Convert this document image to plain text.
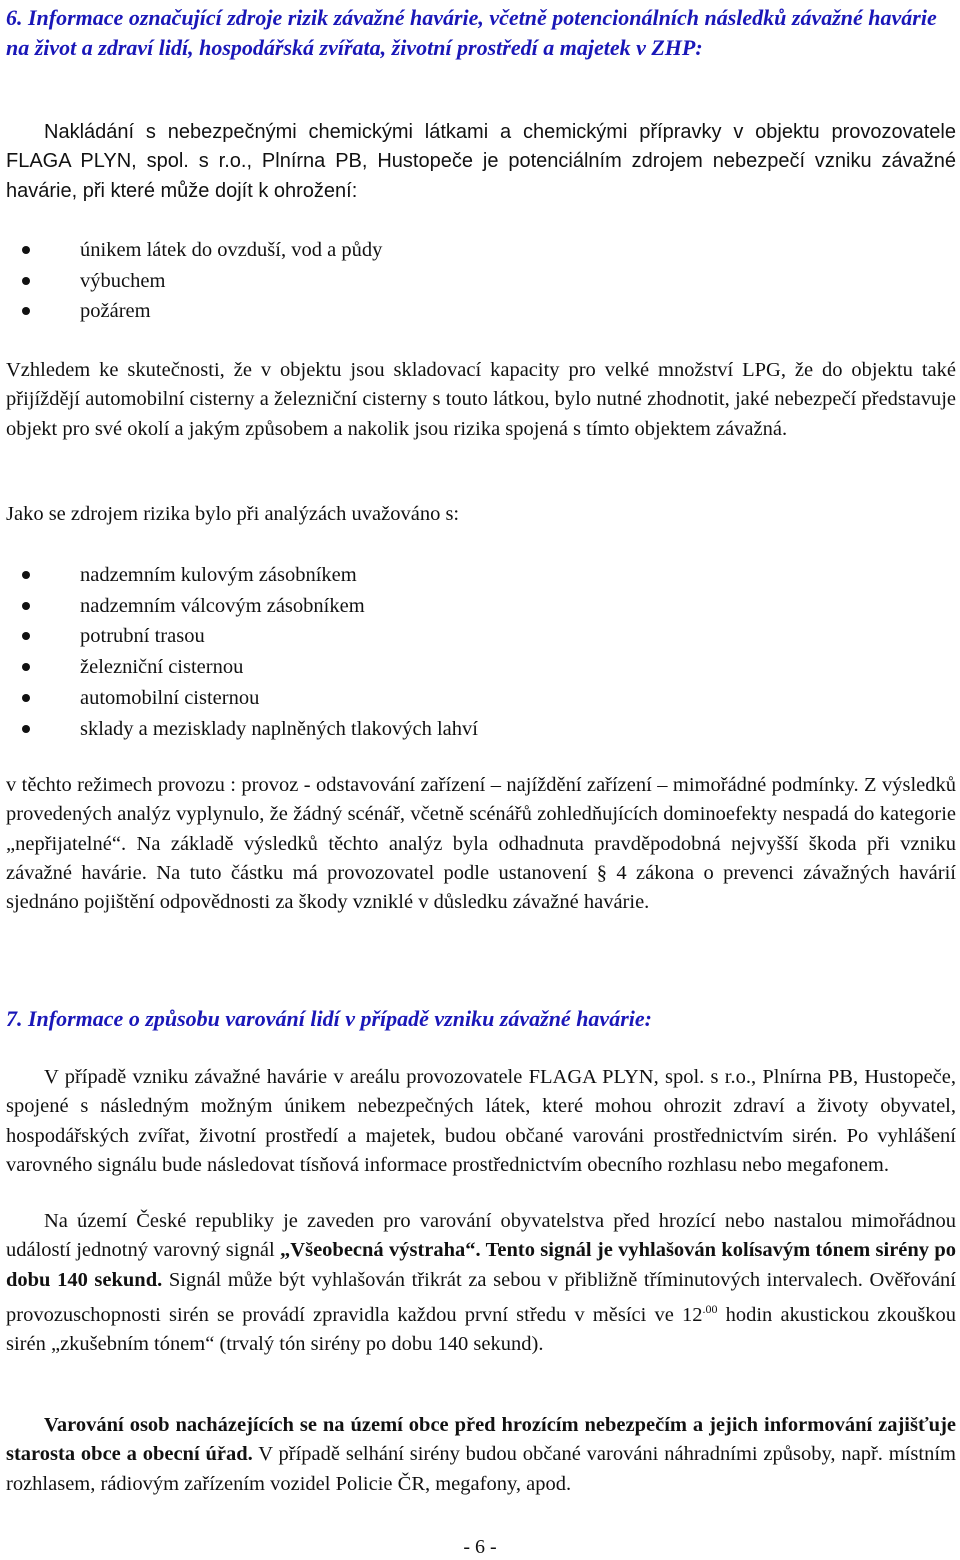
6. Informace označující zdroje rizik závažné havárie, včetně potencionálních následků závažné havárie na život a zdraví lidí, hospodářská zvířata, životní prostředí a majetek v ZHP:

Nakládání s nebezpečnými chemickými látkami a chemickými přípravky v objektu provozovatele FLAGA PLYN, spol. s r.o., Plnírna PB, Hustopeče je potenciálním zdrojem nebezpečí vzniku závažné havárie, při které může dojít k ohrožení:

únikem látek do ovzduší, vod a půdy
výbuchem
požárem

Vzhledem ke skutečnosti, že v objektu jsou skladovací kapacity pro velké množství LPG, že do objektu také přijíždějí automobilní cisterny a železniční cisterny s touto látkou, bylo nutné zhodnotit, jaké nebezpečí představuje objekt pro své okolí a jakým způsobem a nakolik jsou rizika spojená s tímto objektem závažná.

Jako se zdrojem rizika bylo při analýzách uvažováno s:

nadzemním kulovým zásobníkem
nadzemním válcovým zásobníkem
potrubní trasou
železniční cisternou
automobilní cisternou
sklady a mezisklady naplněných tlakových lahví

v těchto režimech provozu : provoz - odstavování zařízení – najíždění zařízení – mimořádné podmínky. Z výsledků provedených analýz vyplynulo, že žádný scénář, včetně scénářů zohledňujících dominoefekty nespadá do kategorie „nepřijatelné“. Na základě výsledků těchto analýz byla odhadnuta pravděpodobná nejvyšší škoda při vzniku závažné havárie. Na tuto částku má provozovatel podle ustanovení § 4 zákona o prevenci závažných havárií sjednáno pojištění odpovědnosti za škody vzniklé v důsledku závažné havárie.

7. Informace o způsobu varování lidí v případě vzniku závažné havárie:

V případě vzniku závažné havárie v areálu provozovatele FLAGA PLYN, spol. s r.o., Plnírna PB, Hustopeče, spojené s následným možným únikem nebezpečných látek, které mohou ohrozit zdraví a životy obyvatel, hospodářských zvířat, životní prostředí a majetek, budou občané varováni prostřednictvím sirén. Po vyhlášení varovného signálu bude následovat tísňová informace prostřednictvím obecního rozhlasu nebo megafonem.

Na území České republiky je zaveden pro varování obyvatelstva před hrozící nebo nastalou mimořádnou událostí jednotný varovný signál „Všeobecná výstraha“. Tento signál je vyhlašován kolísavým tónem sirény po dobu 140 sekund. Signál může být vyhlašován třikrát za sebou v přibližně tříminutových intervalech. Ověřování provozuschopnosti sirén se provádí zpravidla každou první středu v měsíci ve $12^{.00}$ hodin akustickou zkouškou sirén „zkušebním tónem“ (trvalý tón sirény po dobu 140 sekund).

Varování osob nacházejících se na území obce před hrozícím nebezpečím a jejich informování zajišťuje starosta obce a obecní úřad. V případě selhání sirény budou občané varováni náhradními způsoby, např. místním rozhlasem, rádiovým zařízením vozidel Policie ČR, megafony, apod.

- 6 -
